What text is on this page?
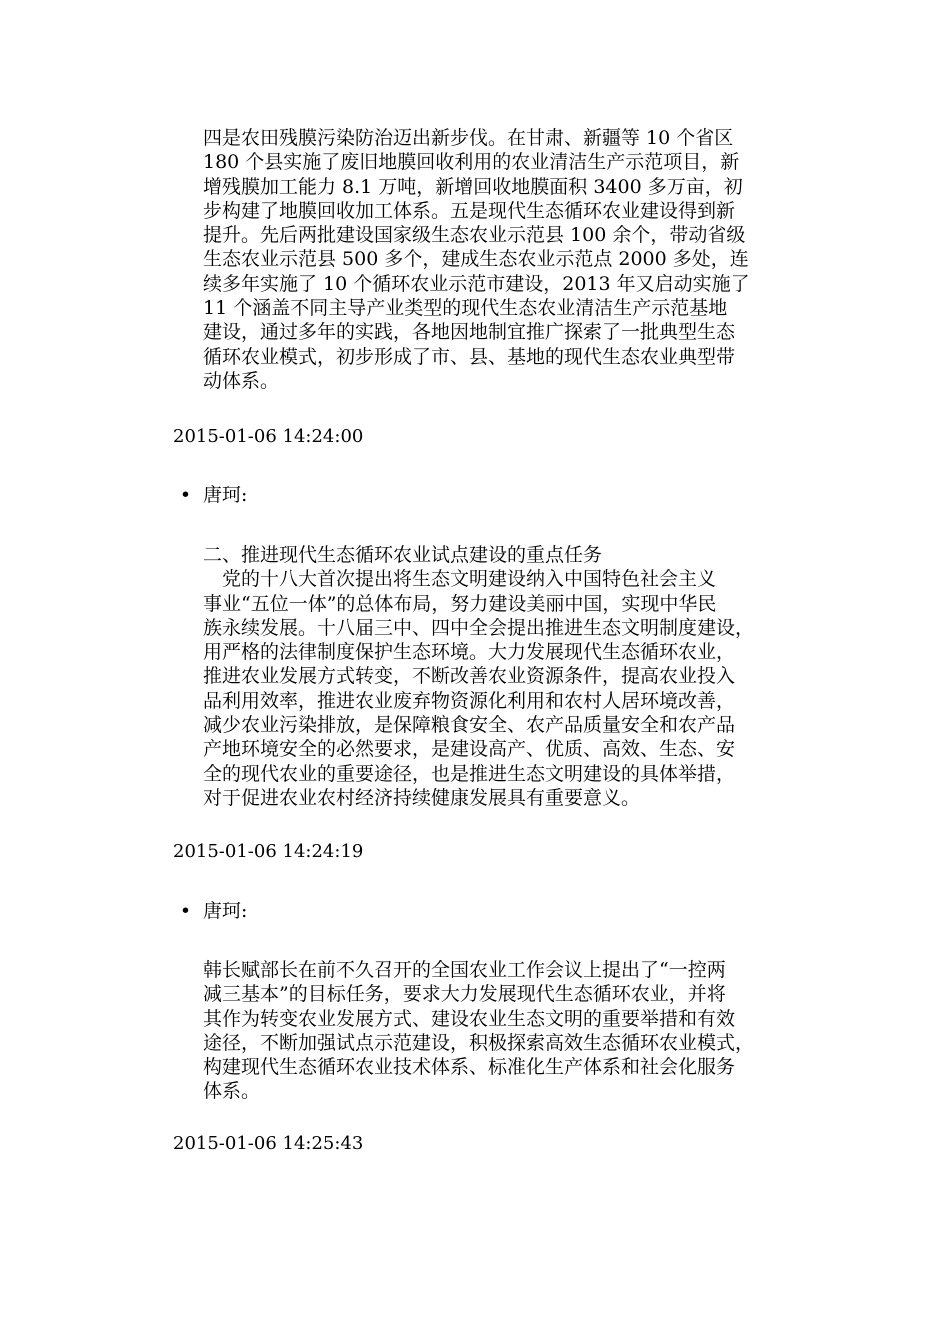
四是农田残膜污染防治迈出新步伐。在甘肃、新疆等 10 个省区
180 个县实施了废旧地膜回收利用的农业清洁生产示范项目，新
增残膜加工能力 8.1 万吨，新增回收地膜面积 3400 多万亩，初
步构建了地膜回收加工体系。五是现代生态循环农业建设得到新
提升。先后两批建设国家级生态农业示范县 100 余个，带动省级
生态农业示范县 500 多个，建成生态农业示范点 2000 多处，连
续多年实施了 10 个循环农业示范市建设，2013 年又启动实施了
11 个涵盖不同主导产业类型的现代生态农业清洁生产示范基地
建设，通过多年的实践，各地因地制宜推广探索了一批典型生态
循环农业模式，初步形成了市、县、基地的现代生态农业典型带
动体系。
2015-01-06 14:24:00
• 唐珂:
二、推进现代生态循环农业试点建设的重点任务
　党的十八大首次提出将生态文明建设纳入中国特色社会主义
事业“五位一体”的总体布局，努力建设美丽中国，实现中华民
族永续发展。十八届三中、四中全会提出推进生态文明制度建设，
用严格的法律制度保护生态环境。大力发展现代生态循环农业，
推进农业发展方式转变，不断改善农业资源条件，提高农业投入
品利用效率，推进农业废弃物资源化利用和农村人居环境改善，
减少农业污染排放，是保障粮食安全、农产品质量安全和农产品
产地环境安全的必然要求，是建设高产、优质、高效、生态、安
全的现代农业的重要途径，也是推进生态文明建设的具体举措，
对于促进农业农村经济持续健康发展具有重要意义。
2015-01-06 14:24:19
• 唐珂:
韩长赋部长在前不久召开的全国农业工作会议上提出了“一控两
减三基本”的目标任务，要求大力发展现代生态循环农业，并将
其作为转变农业发展方式、建设农业生态文明的重要举措和有效
途径，不断加强试点示范建设，积极探索高效生态循环农业模式，
构建现代生态循环农业技术体系、标准化生产体系和社会化服务
体系。
2015-01-06 14:25:43
